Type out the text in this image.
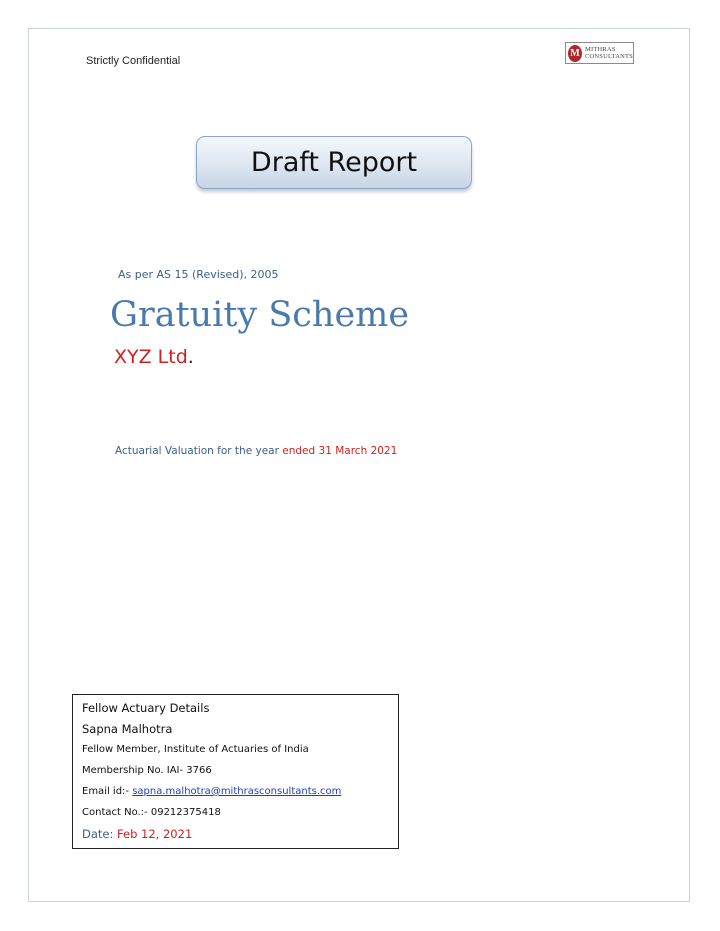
Strictly Confidential
M MITHRAS
CONSULTANTS
Draft Report
As per AS 15 (Revised), 2005
Gratuity Scheme
XYZ Ltd.
Actuarial Valuation for the year ended 31 March 2021
Fellow Actuary Details
Sapna Malhotra
Fellow Member, Institute of Actuaries of India
Membership No. IAI- 3766
Email id:- sapna.malhotra@mithrasconsultants.com
Contact No.:- 09212375418
Date: Feb 12, 2021
